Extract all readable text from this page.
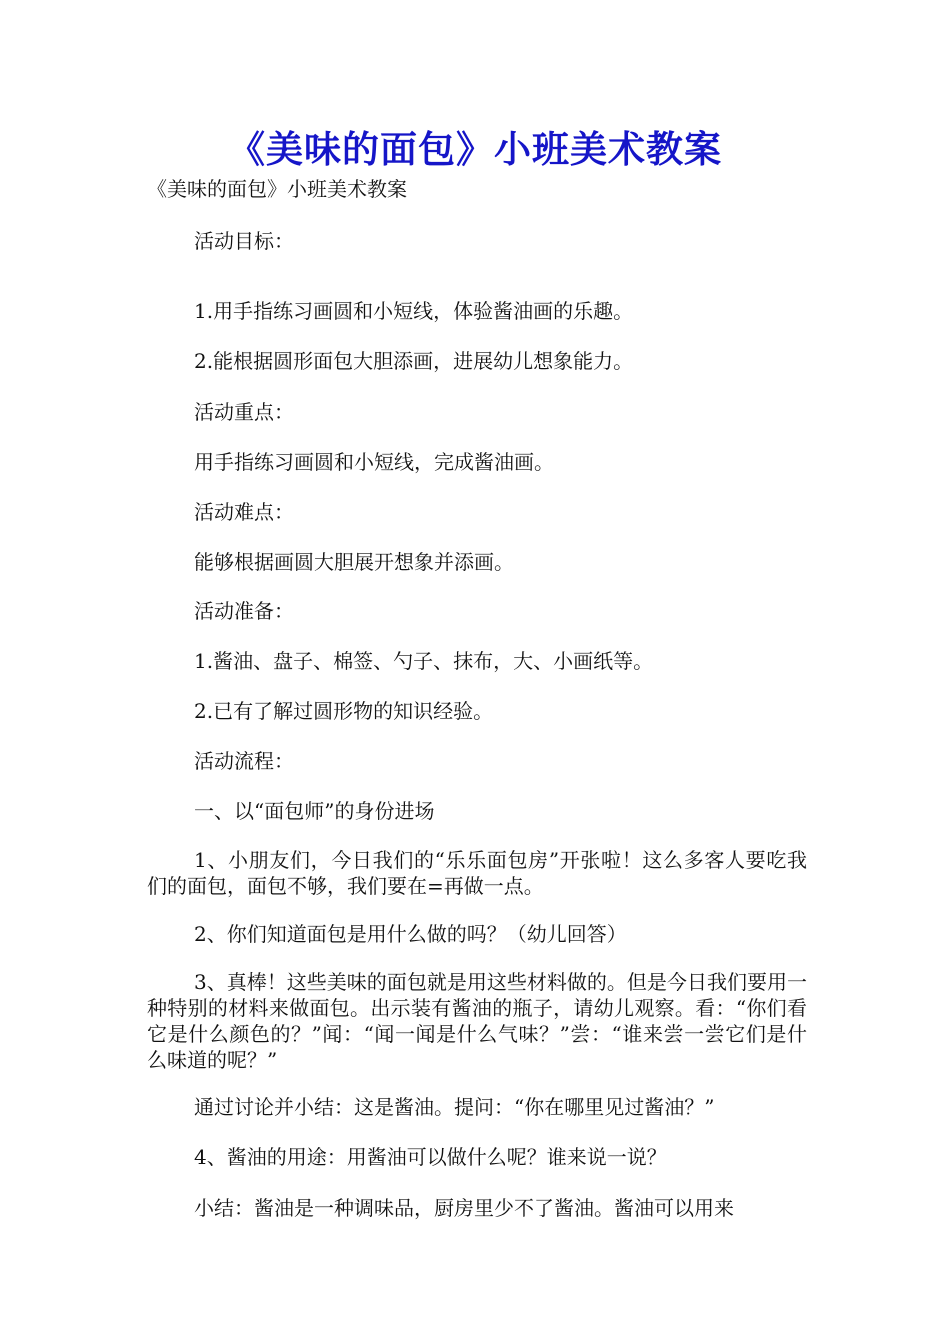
《美味的面包》小班美术教案
《美味的面包》小班美术教案
活动目标：
1.用手指练习画圆和小短线，体验酱油画的乐趣。
2.能根据圆形面包大胆添画，进展幼儿想象能力。
活动重点：
用手指练习画圆和小短线，完成酱油画。
活动难点：
能够根据画圆大胆展开想象并添画。
活动准备：
1.酱油、盘子、棉签、勺子、抹布，大、小画纸等。
2.已有了解过圆形物的知识经验。
活动流程：
一、以“面包师”的身份进场
1、小朋友们，今日我们的“乐乐面包房”开张啦！这么多客人要吃我们的面包，面包不够，我们要在=再做一点。
2、你们知道面包是用什么做的吗？（幼儿回答）
3、真棒！这些美味的面包就是用这些材料做的。但是今日我们要用一种特别的材料来做面包。出示装有酱油的瓶子，请幼儿观察。看：“你们看它是什么颜色的？”闻：“闻一闻是什么气味？”尝：“谁来尝一尝它们是什么味道的呢？”
通过讨论并小结：这是酱油。提问：“你在哪里见过酱油？”
4、酱油的用途：用酱油可以做什么呢？谁来说一说？
小结：酱油是一种调味品，厨房里少不了酱油。酱油可以用来
